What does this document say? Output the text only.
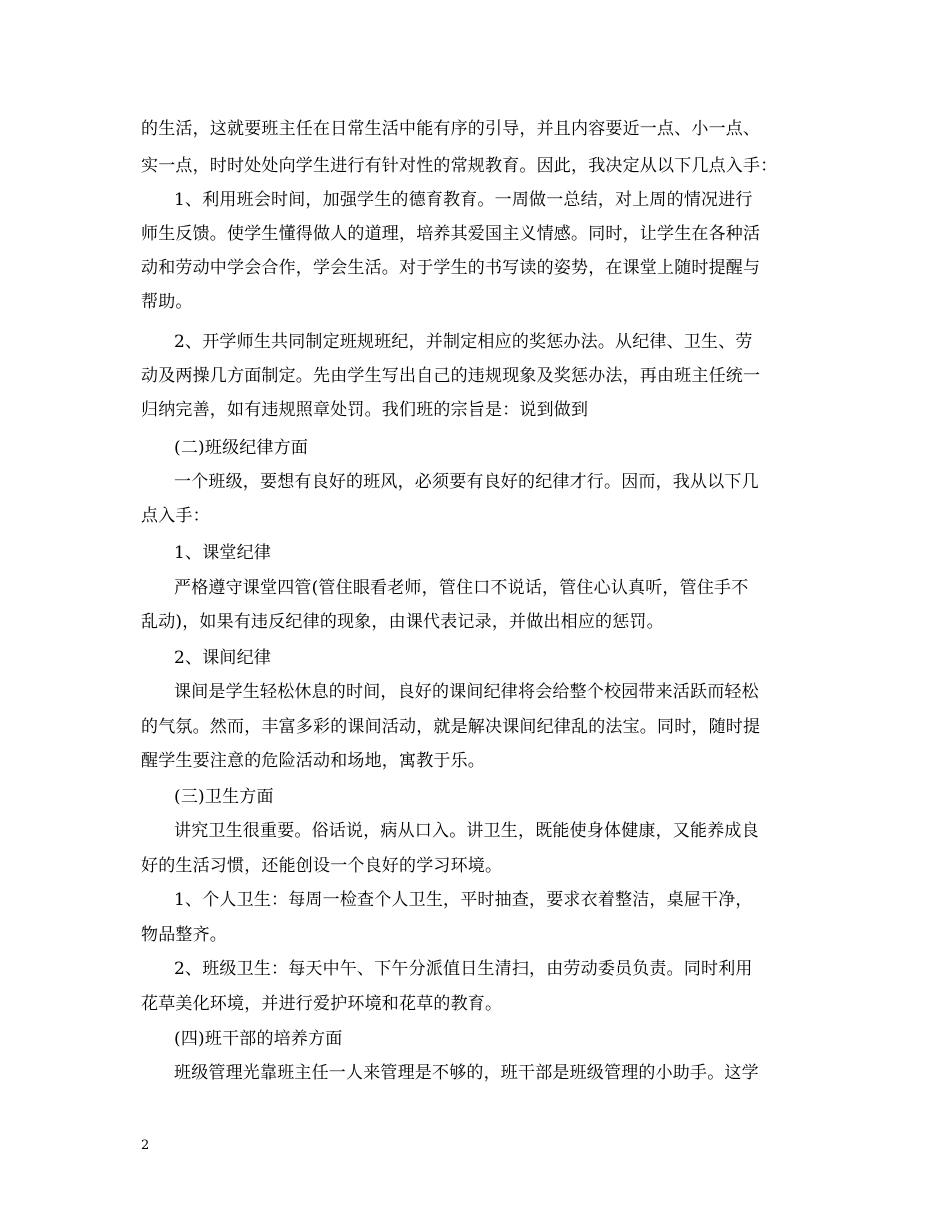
的生活，这就要班主任在日常生活中能有序的引导，并且内容要近一点、小一点、
实一点，时时处处向学生进行有针对性的常规教育。因此，我决定从以下几点入手：
1、利用班会时间，加强学生的德育教育。一周做一总结，对上周的情况进行
师生反馈。使学生懂得做人的道理，培养其爱国主义情感。同时，让学生在各种活
动和劳动中学会合作，学会生活。对于学生的书写读的姿势，在课堂上随时提醒与
帮助。
2、开学师生共同制定班规班纪，并制定相应的奖惩办法。从纪律、卫生、劳
动及两操几方面制定。先由学生写出自己的违规现象及奖惩办法，再由班主任统一
归纳完善，如有违规照章处罚。我们班的宗旨是：说到做到
(二)班级纪律方面
一个班级，要想有良好的班风，必须要有良好的纪律才行。因而，我从以下几
点入手：
1、课堂纪律
严格遵守课堂四管(管住眼看老师，管住口不说话，管住心认真听，管住手不
乱动)，如果有违反纪律的现象，由课代表记录，并做出相应的惩罚。
2、课间纪律
课间是学生轻松休息的时间，良好的课间纪律将会给整个校园带来活跃而轻松
的气氛。然而，丰富多彩的课间活动，就是解决课间纪律乱的法宝。同时，随时提
醒学生要注意的危险活动和场地，寓教于乐。
(三)卫生方面
讲究卫生很重要。俗话说，病从口入。讲卫生，既能使身体健康，又能养成良
好的生活习惯，还能创设一个良好的学习环境。
1、个人卫生：每周一检查个人卫生，平时抽查，要求衣着整洁，桌屉干净，
物品整齐。
2、班级卫生：每天中午、下午分派值日生清扫，由劳动委员负责。同时利用
花草美化环境，并进行爱护环境和花草的教育。
(四)班干部的培养方面
班级管理光靠班主任一人来管理是不够的，班干部是班级管理的小助手。这学
2
